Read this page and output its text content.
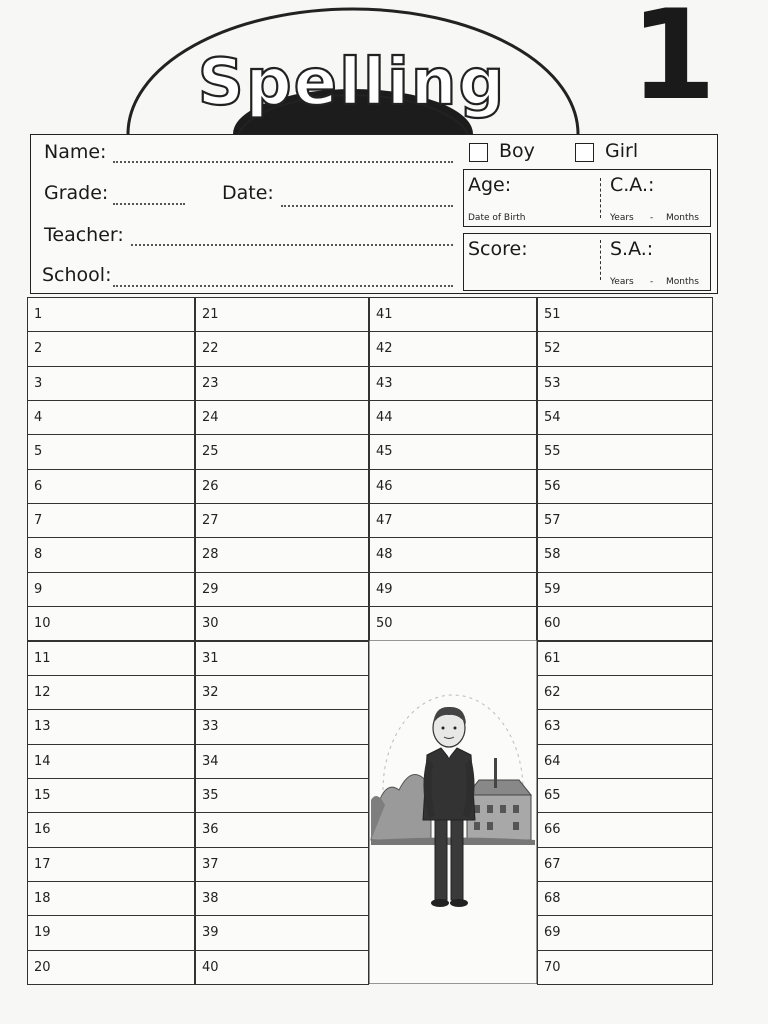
Spelling 1
Name:
Grade:	Date:
Teacher:
School:
Boy	Girl
Age:
Date of Birth
C.A.:
Years - Months
Score:	S.A.:
Years - Months
1
2
3
4
5
6
7
8
9
10
11
12
13
14
15
16
17
18
19
20
21
22
23
24
25
26
27
28
29
30
31
32
33
34
35
36
37
38
39
40
41
42
43
44
45
46
47
48
49
50
51
52
53
54
55
56
57
58
59
60
61
62
63
64
65
66
67
68
69
70
